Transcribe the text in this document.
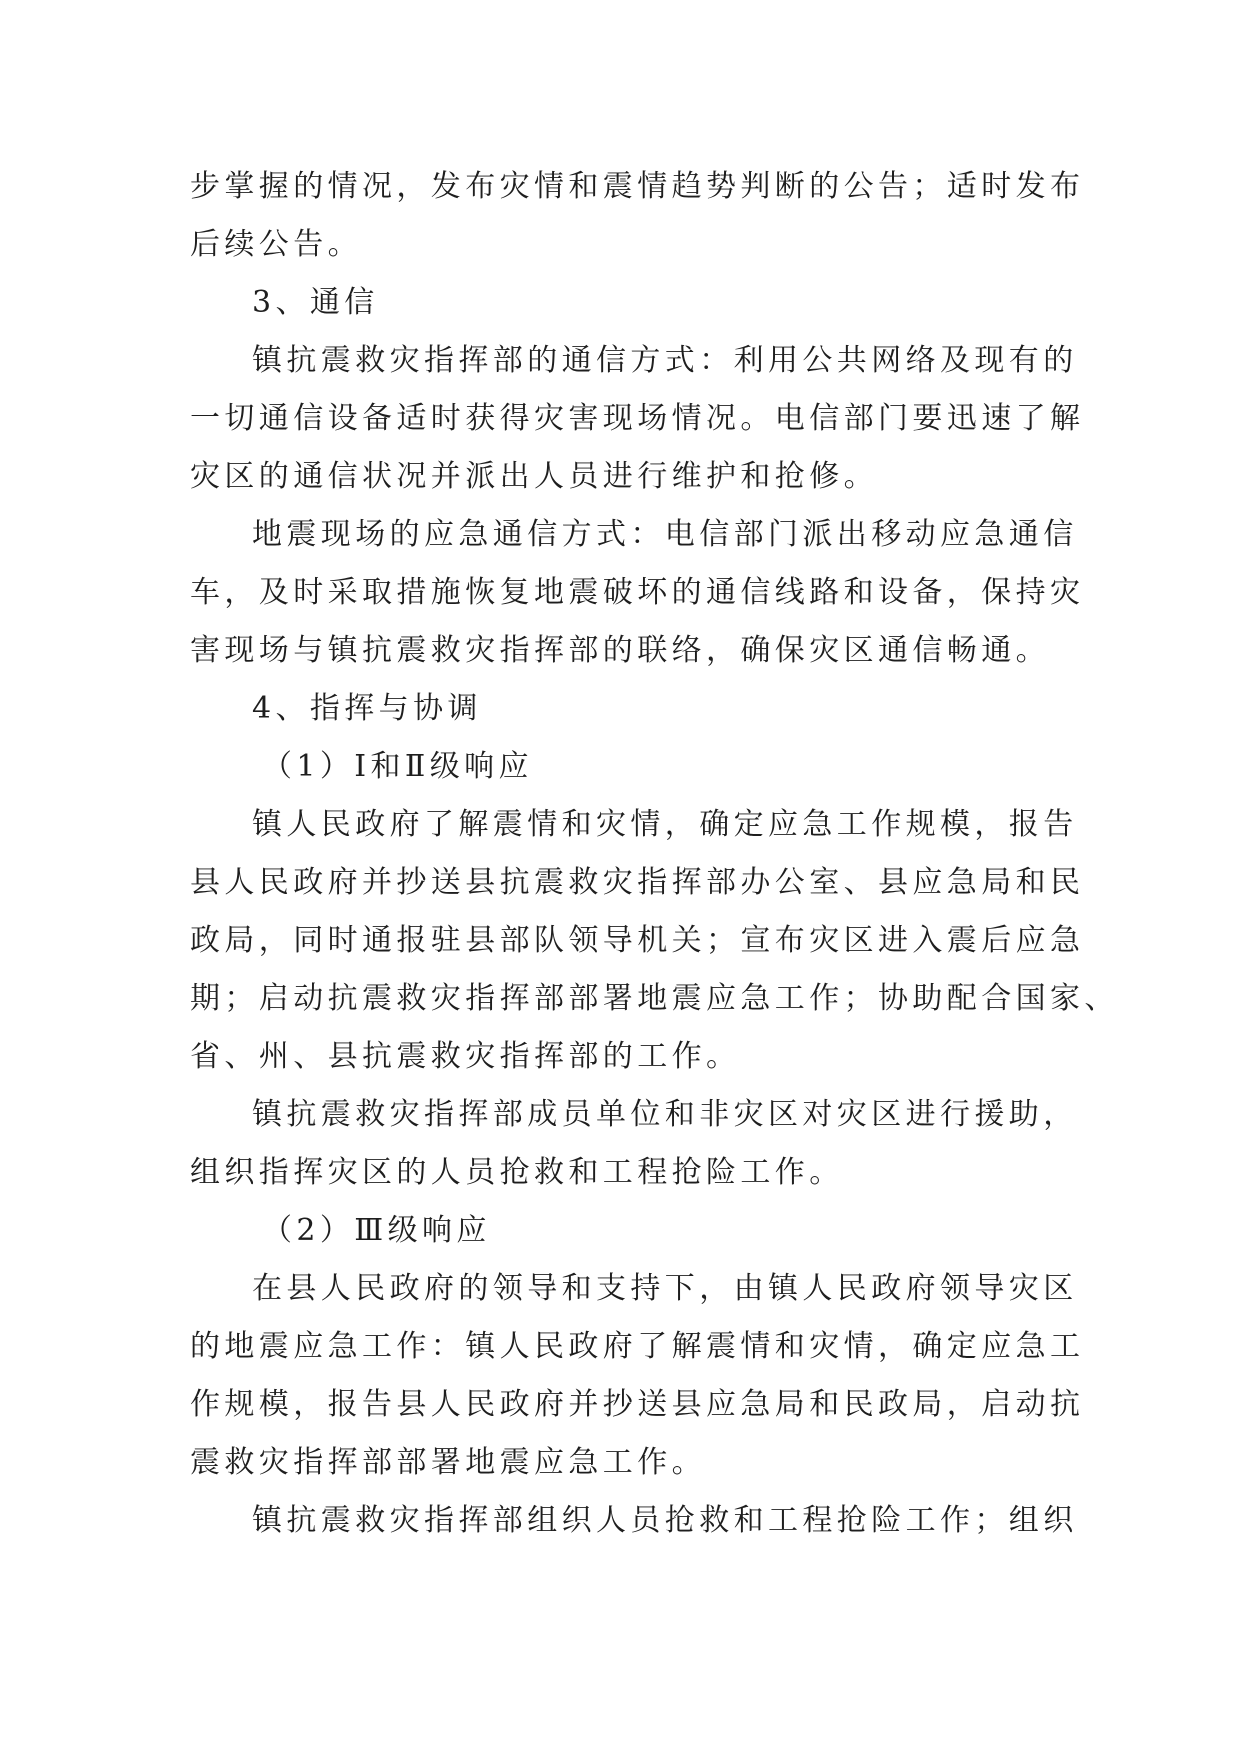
步掌握的情况，发布灾情和震情趋势判断的公告；适时发布
后续公告。
3、通信
镇抗震救灾指挥部的通信方式：利用公共网络及现有的
一切通信设备适时获得灾害现场情况。电信部门要迅速了解
灾区的通信状况并派出人员进行维护和抢修。
地震现场的应急通信方式：电信部门派出移动应急通信
车，及时采取措施恢复地震破坏的通信线路和设备，保持灾
害现场与镇抗震救灾指挥部的联络，确保灾区通信畅通。
4、指挥与协调
（1）Ⅰ和Ⅱ级响应
镇人民政府了解震情和灾情，确定应急工作规模，报告
县人民政府并抄送县抗震救灾指挥部办公室、县应急局和民
政局，同时通报驻县部队领导机关；宣布灾区进入震后应急
期；启动抗震救灾指挥部部署地震应急工作；协助配合国家、
省、州、县抗震救灾指挥部的工作。
镇抗震救灾指挥部成员单位和非灾区对灾区进行援助，
组织指挥灾区的人员抢救和工程抢险工作。
（2）Ⅲ级响应
在县人民政府的领导和支持下，由镇人民政府领导灾区
的地震应急工作：镇人民政府了解震情和灾情，确定应急工
作规模，报告县人民政府并抄送县应急局和民政局，启动抗
震救灾指挥部部署地震应急工作。
镇抗震救灾指挥部组织人员抢救和工程抢险工作；组织
